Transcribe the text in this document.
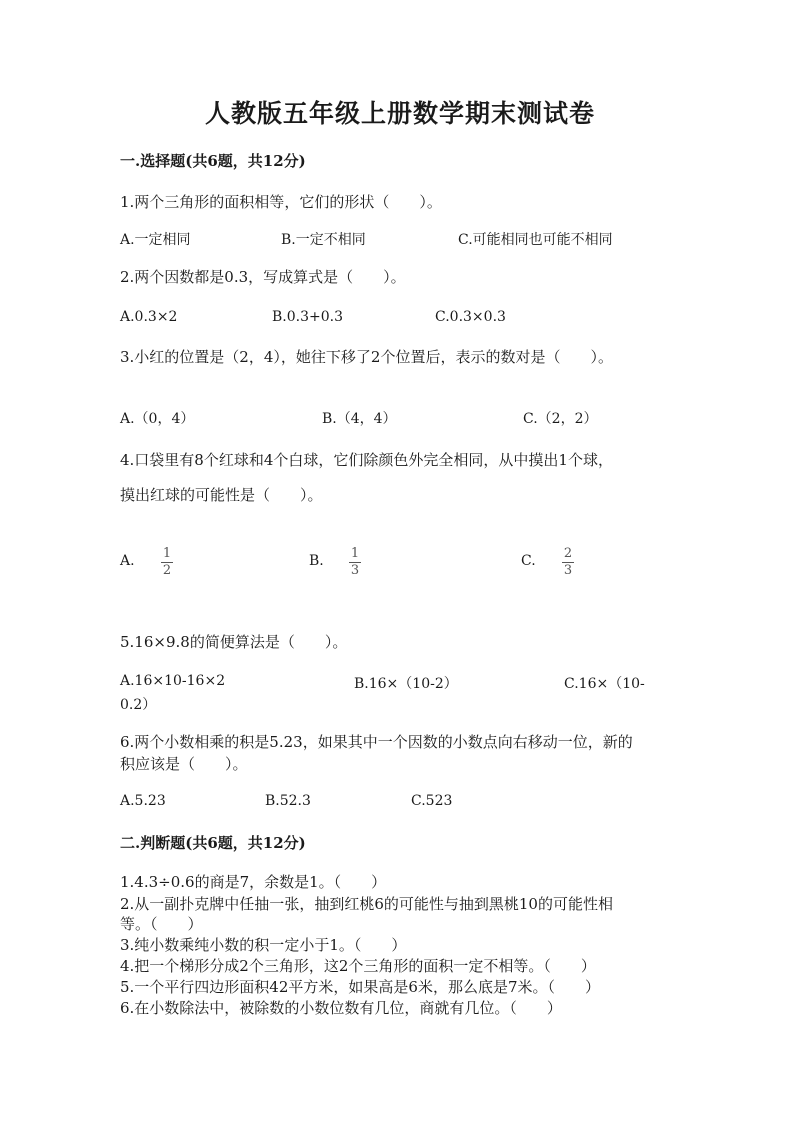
人教版五年级上册数学期末测试卷
一.选择题(共6题，共12分)
1.两个三角形的面积相等，它们的形状（　　）。
A.一定相同	B.一定不相同	C.可能相同也可能不相同
2.两个因数都是0.3，写成算式是（　　）。
A.0.3×2	B.0.3+0.3	C.0.3×0.3
3.小红的位置是（2，4），她往下移了2个位置后，表示的数对是（　　）。
A.（0，4）	B.（4，4）	C.（2，2）
4.口袋里有8个红球和4个白球，它们除颜色外完全相同，从中摸出1个球，
摸出红球的可能性是（　　）。
A. 1
2
B. 1
3
C. 2
3
5.16×9.8的简便算法是（　　）。
A.16×10-16×2	B.16×（10-2）	C.16×（10-
0.2）
6.两个小数相乘的积是5.23，如果其中一个因数的小数点向右移动一位，新的
积应该是（　　）。
A.5.23	B.52.3	C.523
二.判断题(共6题，共12分)
1.4.3÷0.6的商是7，余数是1。（　　）
2.从一副扑克牌中任抽一张，抽到红桃6的可能性与抽到黑桃10的可能性相
等。（　　）
3.纯小数乘纯小数的积一定小于1。（　　）
4.把一个梯形分成2个三角形，这2个三角形的面积一定不相等。（　　）
5.一个平行四边形面积42平方米，如果高是6米，那么底是7米。（　　）
6.在小数除法中，被除数的小数位数有几位，商就有几位。（　　）
